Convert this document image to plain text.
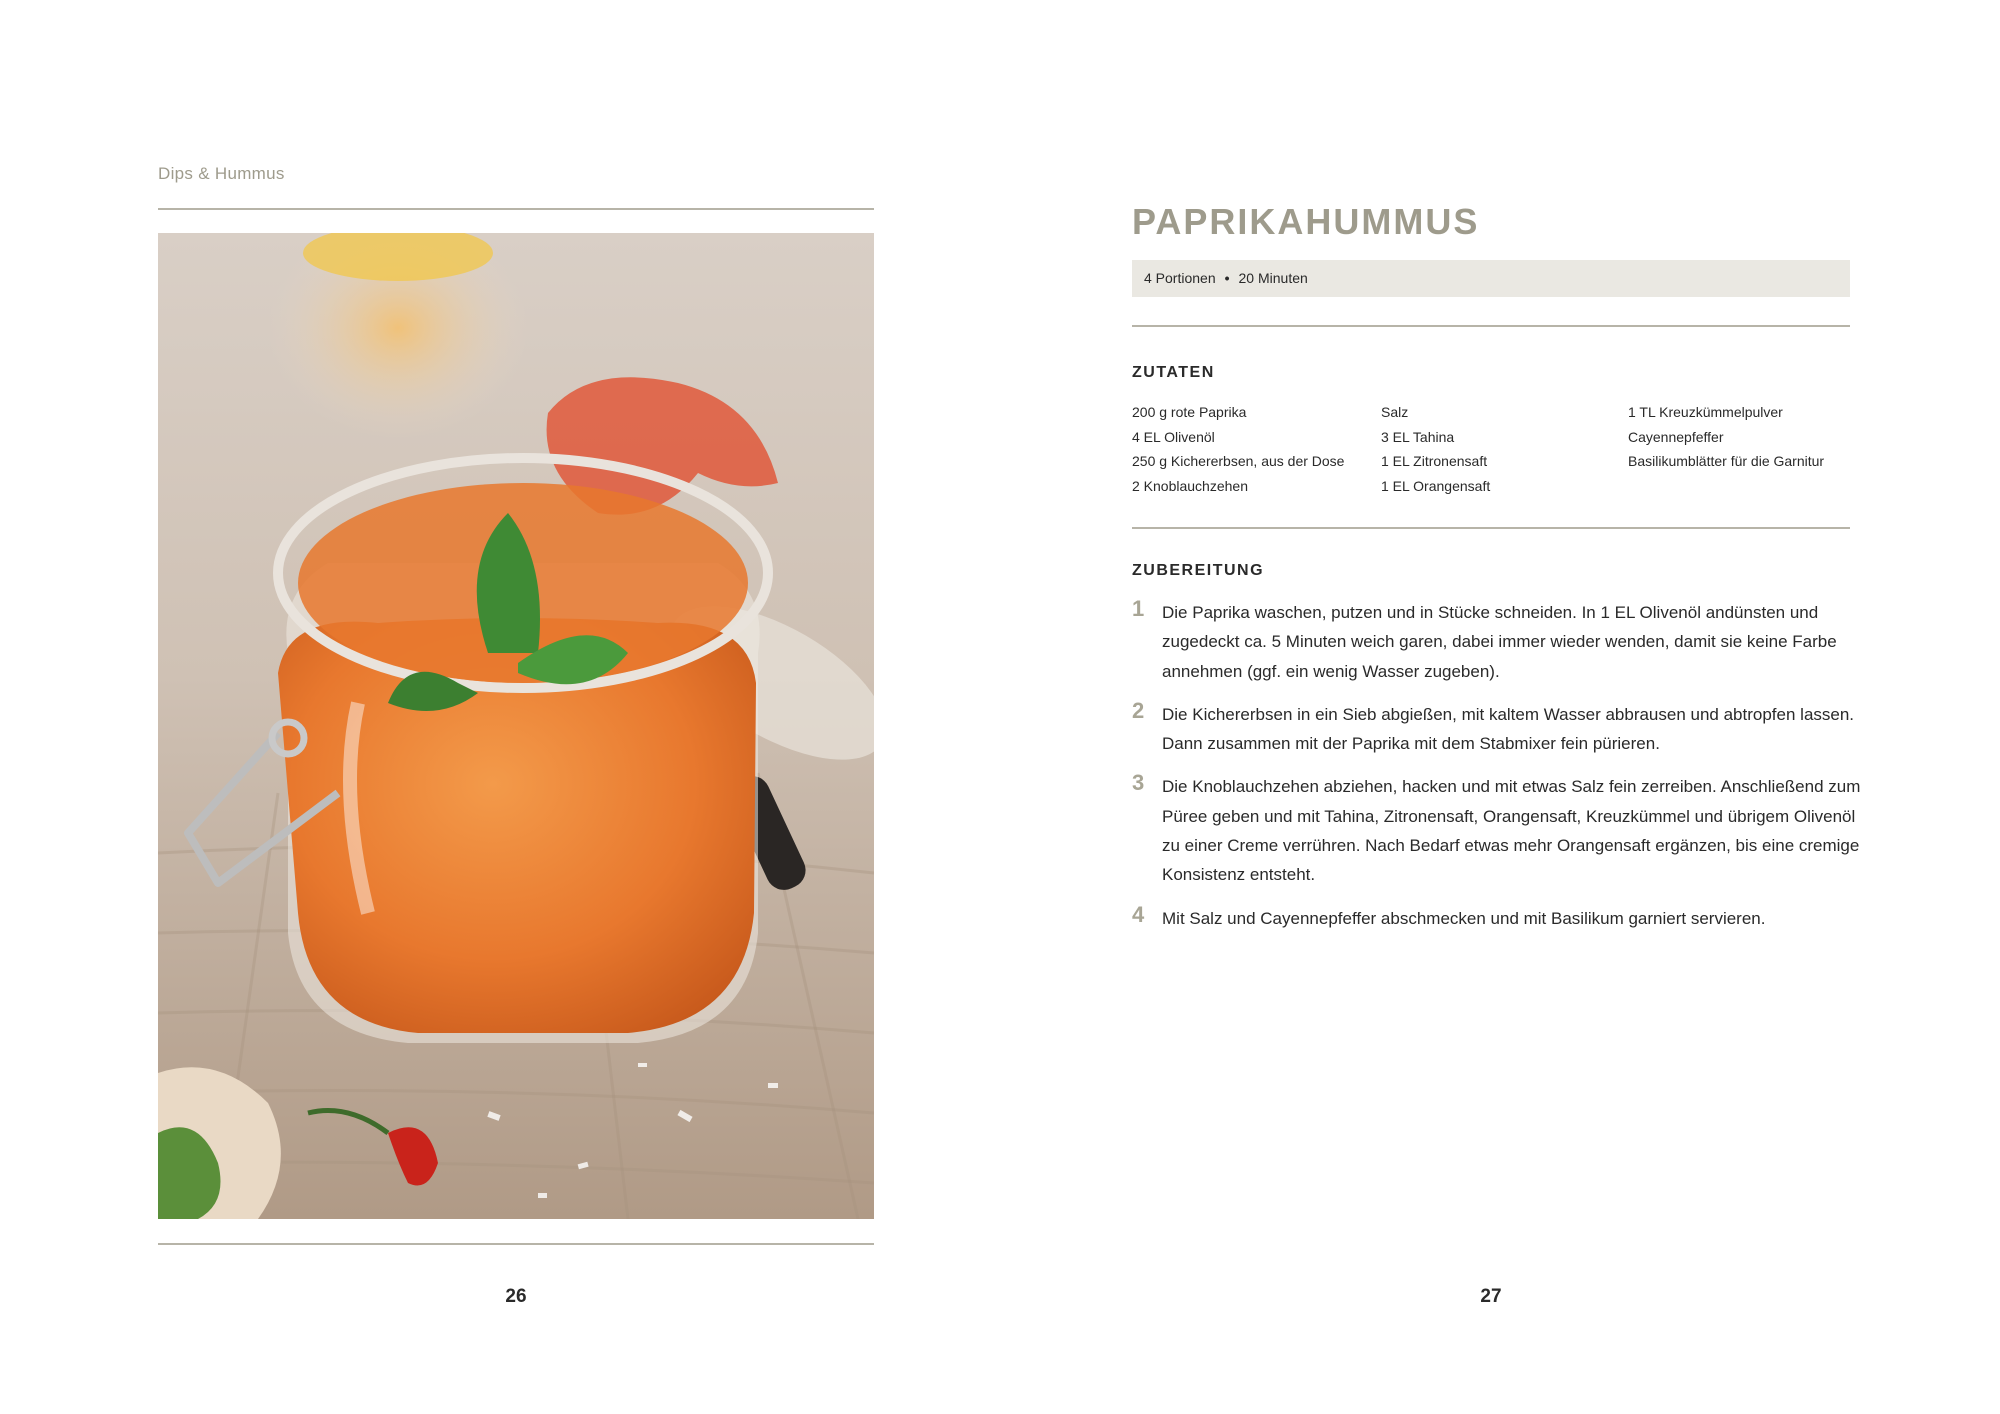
Dips & Hummus
26
PAPRIKAHUMMUS
4 Portionen • 20 Minuten
ZUTATEN
200 g rote Paprika
4 EL Olivenöl
250 g Kichererbsen, aus der Dose
2 Knoblauchzehen
Salz
3 EL Tahina
1 EL Zitronensaft
1 EL Orangensaft
1 TL Kreuzkümmelpulver
Cayennepfeffer
Basilikumblätter für die Garnitur
ZUBEREITUNG
1 Die Paprika waschen, putzen und in Stücke schneiden. In 1 EL Olivenöl andünsten und zugedeckt ca. 5 Minuten weich garen, dabei immer wieder wenden, damit sie keine Farbe annehmen (ggf. ein wenig Wasser zugeben).
2 Die Kichererbsen in ein Sieb abgießen, mit kaltem Wasser abbrausen und abtropfen lassen. Dann zusammen mit der Paprika mit dem Stabmixer fein pürieren.
3 Die Knoblauchzehen abziehen, hacken und mit etwas Salz fein zerreiben. Anschließend zum Püree geben und mit Tahina, Zitronensaft, Orangensaft, Kreuzkümmel und übrigem Olivenöl zu einer Creme verrühren. Nach Bedarf etwas mehr Orangensaft ergänzen, bis eine cremige Konsistenz entsteht.
4 Mit Salz und Cayennepfeffer abschmecken und mit Basilikum garniert servieren.
27
